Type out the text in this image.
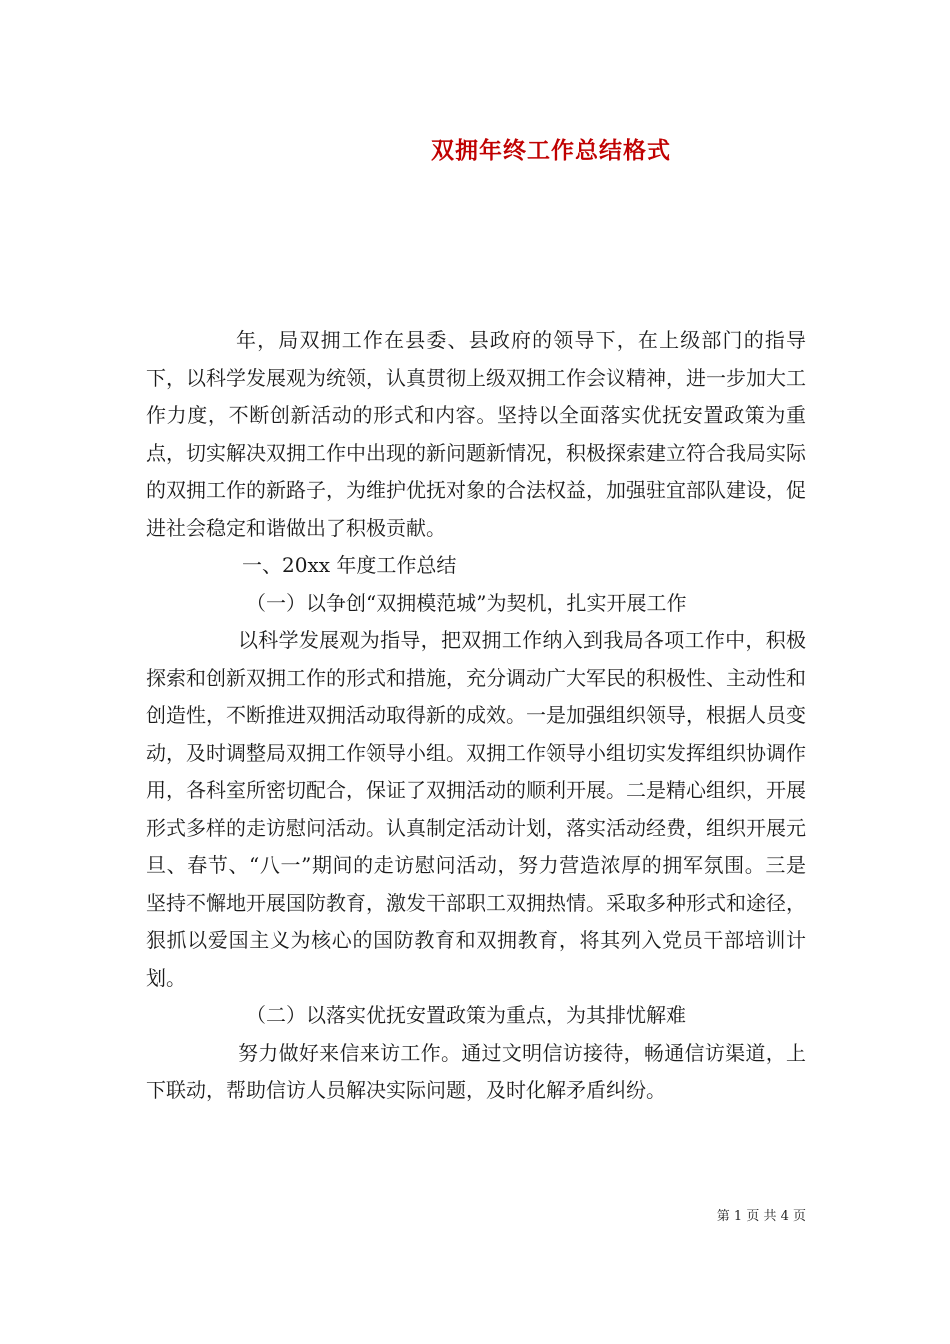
双拥年终工作总结格式

年，局双拥工作在县委、县政府的领导下，在上级部门的指导下，以科学发展观为统领，认真贯彻上级双拥工作会议精神，进一步加大工作力度，不断创新活动的形式和内容。坚持以全面落实优抚安置政策为重点，切实解决双拥工作中出现的新问题新情况，积极探索建立符合我局实际的双拥工作的新路子，为维护优抚对象的合法权益，加强驻宜部队建设，促进社会稳定和谐做出了积极贡献。

一、20xx 年度工作总结

（一）以争创“双拥模范城”为契机，扎实开展工作

以科学发展观为指导，把双拥工作纳入到我局各项工作中，积极探索和创新双拥工作的形式和措施，充分调动广大军民的积极性、主动性和创造性，不断推进双拥活动取得新的成效。一是加强组织领导，根据人员变动，及时调整局双拥工作领导小组。双拥工作领导小组切实发挥组织协调作用，各科室所密切配合，保证了双拥活动的顺利开展。二是精心组织，开展形式多样的走访慰问活动。认真制定活动计划，落实活动经费，组织开展元旦、春节、“八一”期间的走访慰问活动，努力营造浓厚的拥军氛围。三是坚持不懈地开展国防教育，激发干部职工双拥热情。采取多种形式和途径，狠抓以爱国主义为核心的国防教育和双拥教育，将其列入党员干部培训计划。

（二）以落实优抚安置政策为重点，为其排忧解难

努力做好来信来访工作。通过文明信访接待，畅通信访渠道，上下联动，帮助信访人员解决实际问题，及时化解矛盾纠纷。

第 1 页 共 4 页
